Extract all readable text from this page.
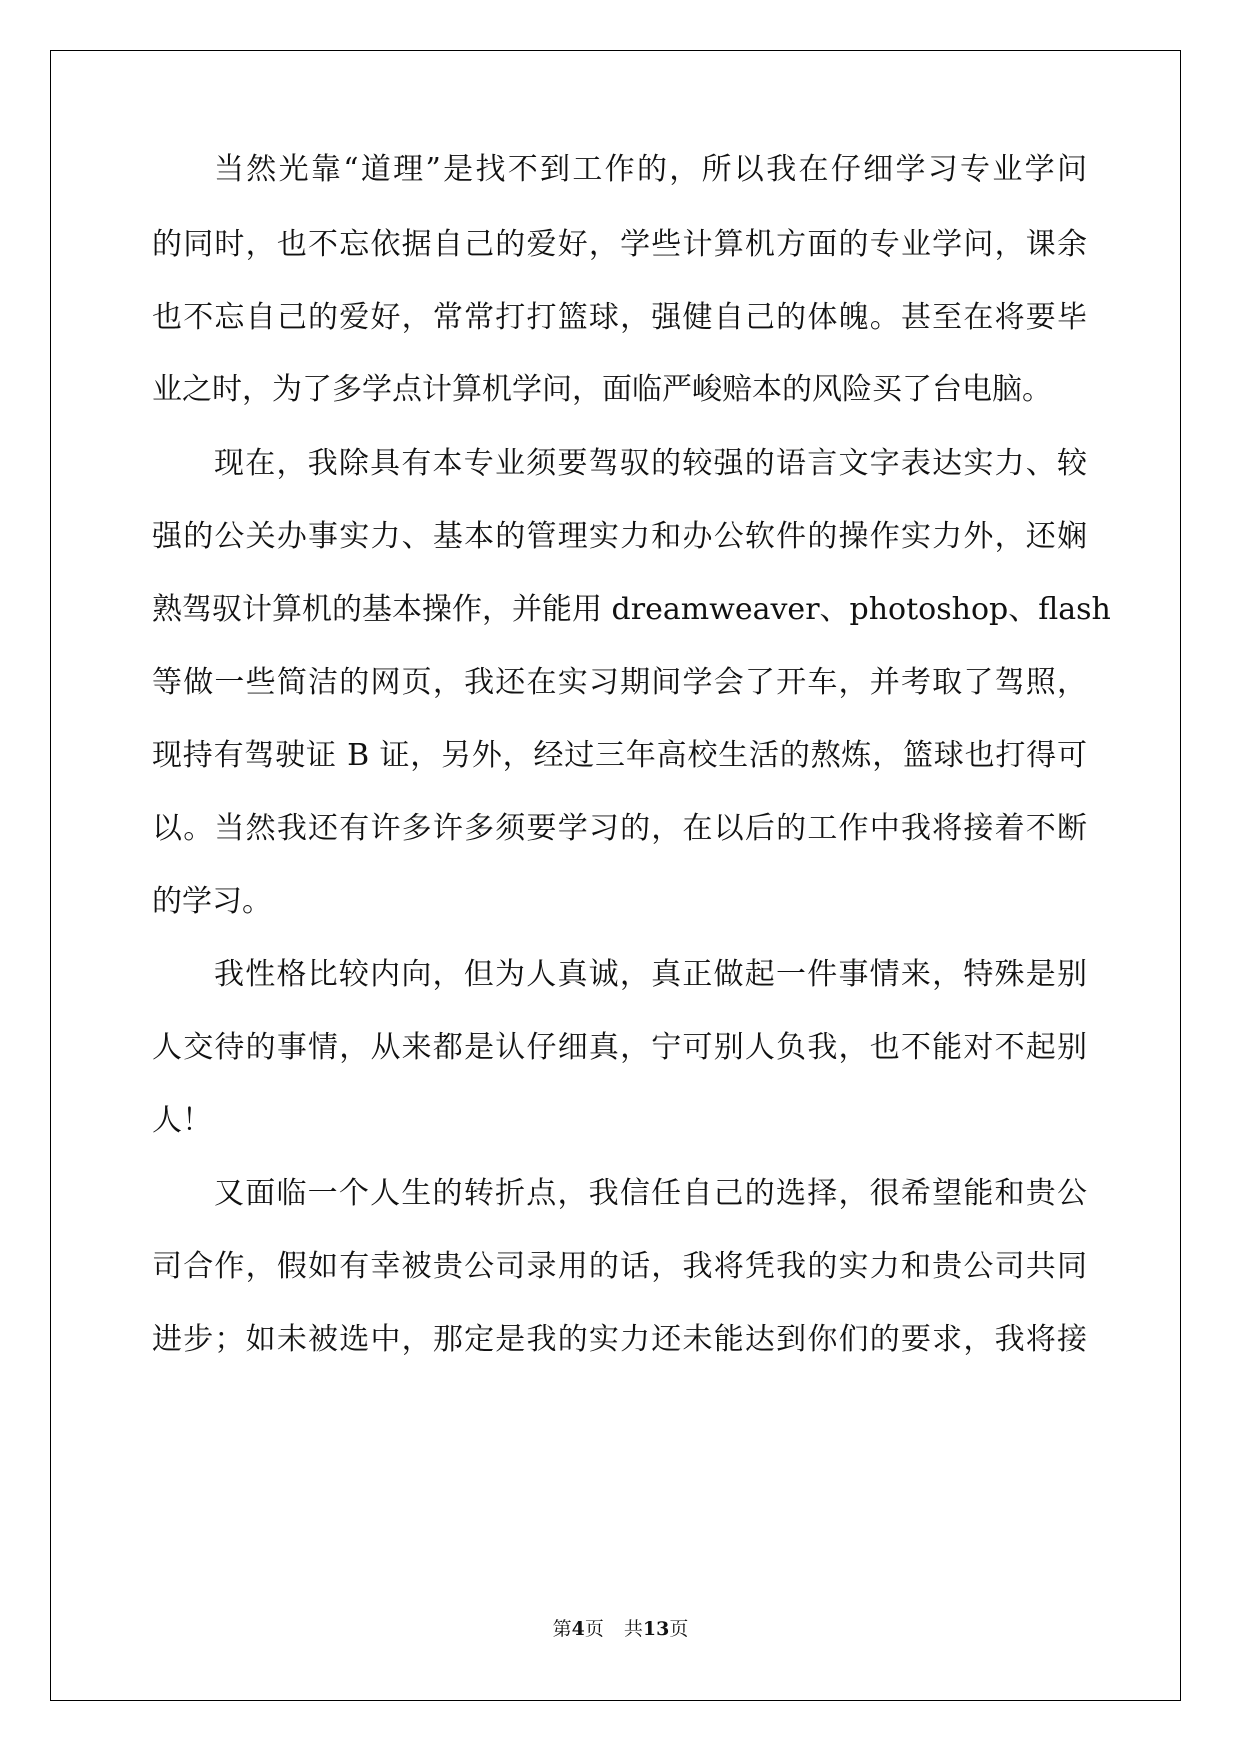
当然光靠“道理”是找不到工作的，所以我在仔细学习专业学问
的同时，也不忘依据自己的爱好，学些计算机方面的专业学问，课余
也不忘自己的爱好，常常打打篮球，强健自己的体魄。甚至在将要毕
业之时，为了多学点计算机学问，面临严峻赔本的风险买了台电脑。
现在，我除具有本专业须要驾驭的较强的语言文字表达实力、较
强的公关办事实力、基本的管理实力和办公软件的操作实力外，还娴
熟驾驭计算机的基本操作，并能用 dreamweaver、photoshop、flash
等做一些简洁的网页，我还在实习期间学会了开车，并考取了驾照，
现持有驾驶证 B 证，另外，经过三年高校生活的熬炼，篮球也打得可
以。当然我还有许多许多须要学习的，在以后的工作中我将接着不断
的学习。
我性格比较内向，但为人真诚，真正做起一件事情来，特殊是别
人交待的事情，从来都是认仔细真，宁可别人负我，也不能对不起别
人！
又面临一个人生的转折点，我信任自己的选择，很希望能和贵公
司合作，假如有幸被贵公司录用的话，我将凭我的实力和贵公司共同
进步；如未被选中，那定是我的实力还未能达到你们的要求，我将接
第4页 共13页
